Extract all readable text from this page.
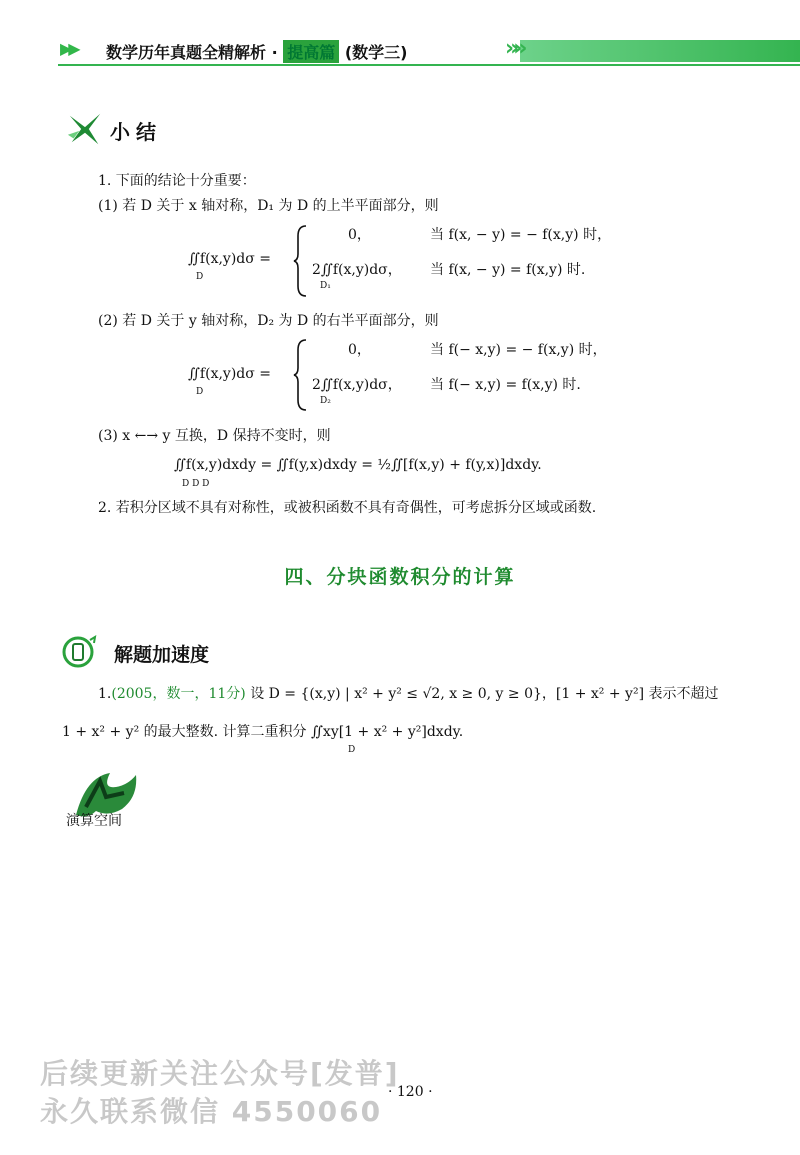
▶▶	数学历年真题全精解析 · 提高篇 (数学三)	»»
小结
1. 下面的结论十分重要：
(1) 若 D 关于 x 轴对称，D₁ 为 D 的上半平面部分，则
∬f(x,y)dσ =
D
0，	当 f(x, − y) = − f(x,y) 时，
2∬f(x,y)dσ，
D₁
当 f(x, − y) = f(x,y) 时.
(2) 若 D 关于 y 轴对称，D₂ 为 D 的右半平面部分，则
∬f(x,y)dσ =
D
0，	当 f(− x,y) = − f(x,y) 时，
2∬f(x,y)dσ，
D₂
当 f(− x,y) = f(x,y) 时.
(3) x ←→ y 互换，D 保持不变时，则
∬f(x,y)dxdy = ∬f(y,x)dxdy = ½∬[f(x,y) + f(y,x)]dxdy.
D D D
2. 若积分区域不具有对称性，或被积函数不具有奇偶性，可考虑拆分区域或函数.
四、分块函数积分的计算
解题加速度
1.(2005，数一，11分) 设 D = {(x,y) | x² + y² ≤ √2, x ≥ 0, y ≥ 0}，[1 + x² + y²] 表示不超过
1 + x² + y² 的最大整数. 计算二重积分 ∬xy[1 + x² + y²]dxdy.
D
演算空间
· 120 ·
后续更新关注公众号[发普]
永久联系微信 4550060
